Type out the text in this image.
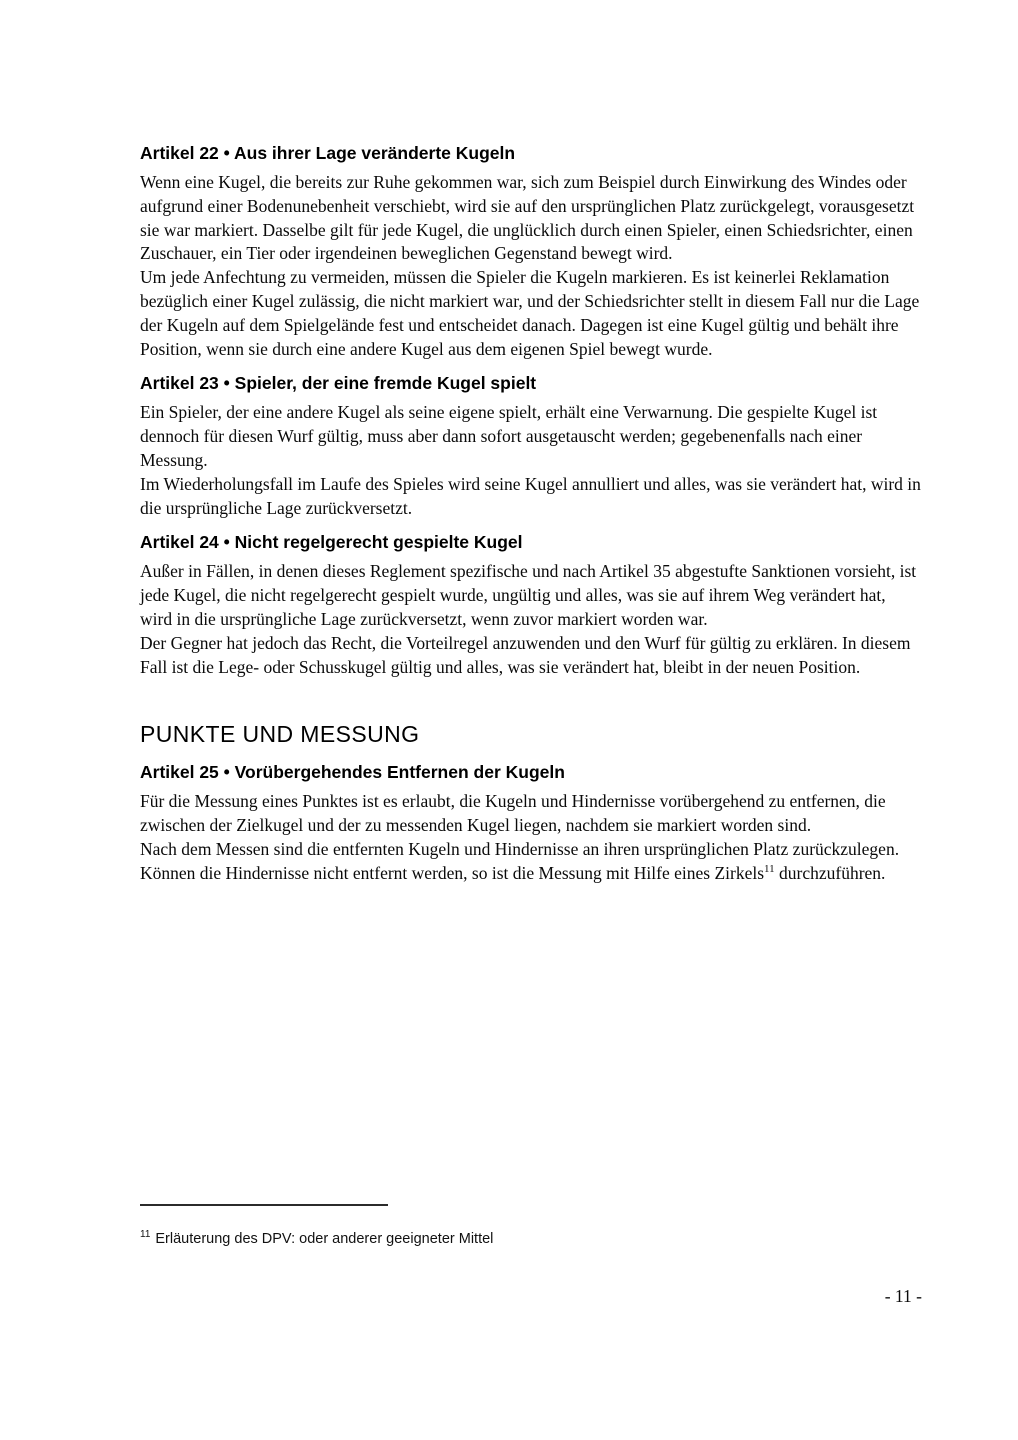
Artikel 22 • Aus ihrer Lage veränderte Kugeln

Wenn eine Kugel, die bereits zur Ruhe gekommen war, sich zum Beispiel durch Einwirkung des Windes oder aufgrund einer Bodenunebenheit verschiebt, wird sie auf den ursprünglichen Platz zurückgelegt, vorausgesetzt sie war markiert. Dasselbe gilt für jede Kugel, die unglücklich durch einen Spieler, einen Schiedsrichter, einen Zuschauer, ein Tier oder irgendeinen beweglichen Gegenstand bewegt wird.

Um jede Anfechtung zu vermeiden, müssen die Spieler die Kugeln markieren. Es ist keinerlei Reklamation bezüglich einer Kugel zulässig, die nicht markiert war, und der Schiedsrichter stellt in diesem Fall nur die Lage der Kugeln auf dem Spielgelände fest und entscheidet danach. Dagegen ist eine Kugel gültig und behält ihre Position, wenn sie durch eine andere Kugel aus dem eigenen Spiel bewegt wurde.

Artikel 23 • Spieler, der eine fremde Kugel spielt

Ein Spieler, der eine andere Kugel als seine eigene spielt, erhält eine Verwarnung. Die gespielte Kugel ist dennoch für diesen Wurf gültig, muss aber dann sofort ausgetauscht werden; gegebenenfalls nach einer Messung.

Im Wiederholungsfall im Laufe des Spieles wird seine Kugel annulliert und alles, was sie verändert hat, wird in die ursprüngliche Lage zurückversetzt.

Artikel 24 • Nicht regelgerecht gespielte Kugel

Außer in Fällen, in denen dieses Reglement spezifische und nach Artikel 35 abgestufte Sanktionen vorsieht, ist jede Kugel, die nicht regelgerecht gespielt wurde, ungültig und alles, was sie auf ihrem Weg verändert hat, wird in die ursprüngliche Lage zurückversetzt, wenn zuvor markiert worden war.

Der Gegner hat jedoch das Recht, die Vorteilregel anzuwenden und den Wurf für gültig zu erklären. In diesem Fall ist die Lege- oder Schusskugel gültig und alles, was sie verändert hat, bleibt in der neuen Position.

PUNKTE UND MESSUNG
Artikel 25 • Vorübergehendes Entfernen der Kugeln

Für die Messung eines Punktes ist es erlaubt, die Kugeln und Hindernisse vorübergehend zu entfernen, die zwischen der Zielkugel und der zu messenden Kugel liegen, nachdem sie markiert worden sind.

Nach dem Messen sind die entfernten Kugeln und Hindernisse an ihren ursprünglichen Platz zurückzulegen. Können die Hindernisse nicht entfernt werden, so ist die Messung mit Hilfe eines Zirkels$^{11}$ durchzuführen.

$^{11}$ Erläuterung des DPV: oder anderer geeigneter Mittel

- 11 -
